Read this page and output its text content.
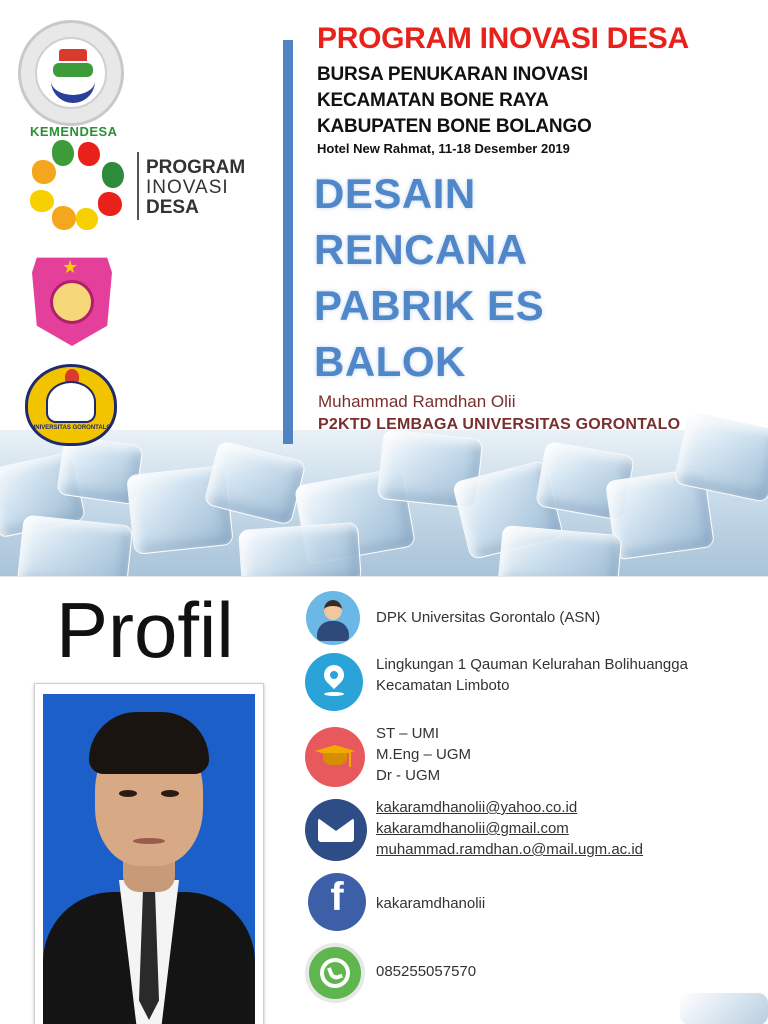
KEMENDESA
PROGRAM
INOVASI
DESA
★
UNIVERSITAS GORONTALO
PROGRAM INOVASI DESA
BURSA PENUKARAN INOVASI
KECAMATAN BONE RAYA
KABUPATEN BONE BOLANGO
Hotel New Rahmat, 11-18 Desember 2019
DESAIN RENCANA PABRIK ES BALOK
Muhammad Ramdhan Olii
P2KTD LEMBAGA UNIVERSITAS GORONTALO
Profil	DPK Universitas Gorontalo (ASN)
Lingkungan 1 Qauman Kelurahan Bolihuangga
Kecamatan Limboto
ST – UMI
M.Eng – UGM
Dr - UGM
kakaramdhanolii@yahoo.co.id
kakaramdhanolii@gmail.com
muhammad.ramdhan.o@mail.ugm.ac.id
f	kakaramdhanolii
085255057570
